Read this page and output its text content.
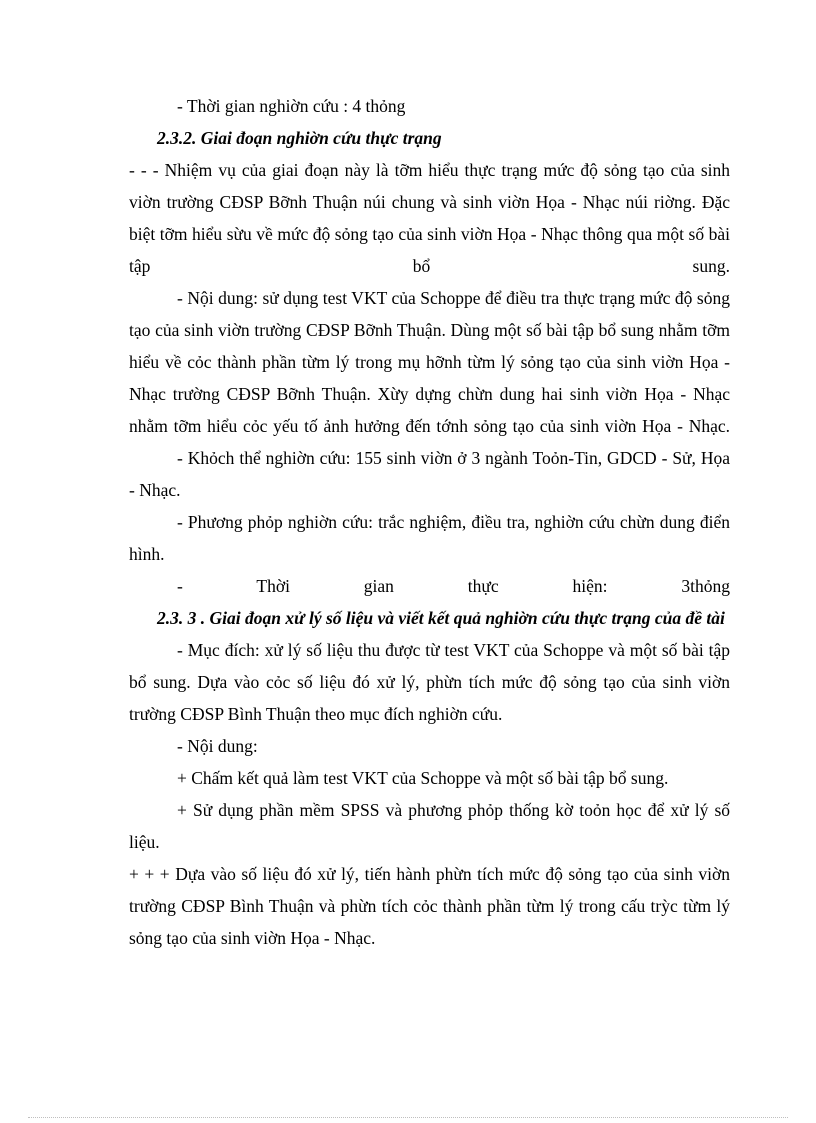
- Thời gian nghiờn cứu : 4 thỏng

2.3.2. Giai đoạn nghiờn cứu thực trạng

- - - Nhiệm vụ của giai đoạn này là tỡm hiểu thực trạng mức độ sỏng tạo của sinh viờn trường CĐSP Bỡnh Thuận núi chung và sinh viờn Họa - Nhạc núi riờng. Đặc biệt tỡm hiểu sừu về mức độ sỏng tạo của sinh viờn Họa - Nhạc thông qua một số bài tập bổ sung.

- Nội dung: sử dụng test VKT của Schoppe để điều tra thực trạng mức độ sỏng tạo của sinh viờn trường CĐSP Bỡnh Thuận. Dùng một số bài tập bổ sung nhằm tỡm hiểu về cỏc thành phần từm lý trong mụ hỡnh từm lý sỏng tạo của sinh viờn Họa - Nhạc trường CĐSP Bỡnh Thuận. Xừy dựng chừn dung hai sinh viờn Họa - Nhạc nhằm tỡm hiểu cỏc yếu tố ảnh hưởng đến tớnh sỏng tạo của sinh viờn Họa - Nhạc.

- Khỏch thể nghiờn cứu: 155 sinh viờn ở 3 ngành Toỏn-Tin, GDCD - Sử, Họa - Nhạc.

- Phương phỏp nghiờn cứu: trắc nghiệm, điều tra, nghiờn cứu chừn dung điển hình.

- Thời gian thực hiện: 3thỏng

2.3. 3 . Giai đoạn xử lý số liệu và viết kết quả nghiờn cứu thực trạng của đề tài

- Mục đích: xử lý số liệu thu được từ test VKT của Schoppe và một số bài tập bổ sung. Dựa vào cỏc số liệu đó xử lý, phừn tích mức độ sỏng tạo của sinh viờn trường CĐSP Bình Thuận theo mục đích nghiờn cứu.

- Nội dung:

+ Chấm kết quả làm test VKT của Schoppe và một số bài tập bổ sung.

+ Sử dụng phần mềm SPSS và phương phỏp thống kờ toỏn học để xử lý số liệu.

+ + + Dựa vào số liệu đó xử lý, tiến hành phừn tích mức độ sỏng tạo của sinh viờn trường CĐSP Bình Thuận và phừn tích cỏc thành phần từm lý trong cấu trỳc từm lý sỏng tạo của sinh viờn Họa - Nhạc.
